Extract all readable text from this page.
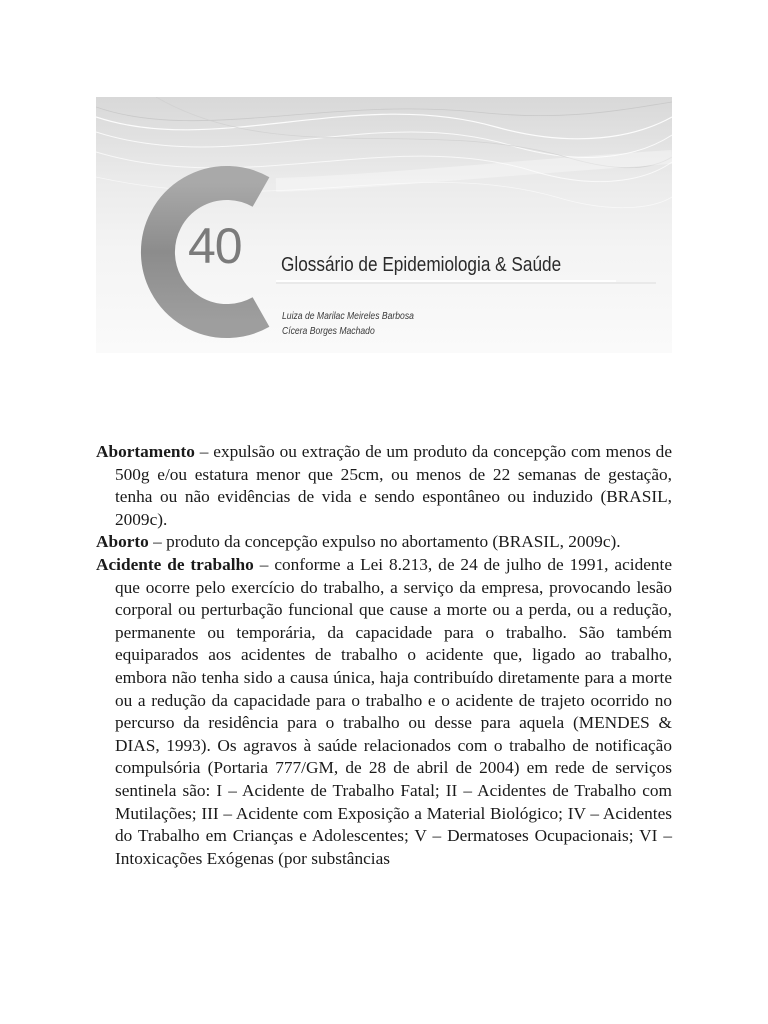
40 Glossário de Epidemiologia & Saúde
Luiza de Marilac Meireles Barbosa
Cícera Borges Machado

Abortamento – expulsão ou extração de um produto da concepção com menos de 500g e/ou estatura menor que 25cm, ou menos de 22 semanas de gestação, tenha ou não evidências de vida e sendo espontâneo ou induzido (BRASIL, 2009c).

Aborto – produto da concepção expulso no abortamento (BRASIL, 2009c).

Acidente de trabalho – conforme a Lei 8.213, de 24 de julho de 1991, acidente que ocorre pelo exercício do trabalho, a serviço da empresa, provocando lesão corporal ou perturbação funcional que cause a morte ou a perda, ou a redução, permanente ou temporária, da capacidade para o trabalho. São também equiparados aos acidentes de trabalho o acidente que, ligado ao trabalho, embora não tenha sido a causa única, haja contribuído diretamente para a morte ou a redução da capacidade para o trabalho e o acidente de trajeto ocorrido no percurso da residência para o trabalho ou desse para aquela (MENDES & DIAS, 1993). Os agravos à saúde relacionados com o trabalho de notificação compulsória (Portaria 777/GM, de 28 de abril de 2004) em rede de serviços sentinela são: I – Acidente de Trabalho Fatal; II – Acidentes de Trabalho com Mutilações; III – Acidente com Exposição a Material Biológico; IV – Acidentes do Trabalho em Crianças e Adolescentes; V – Dermatoses Ocupacionais; VI – Intoxicações Exógenas (por substâncias
